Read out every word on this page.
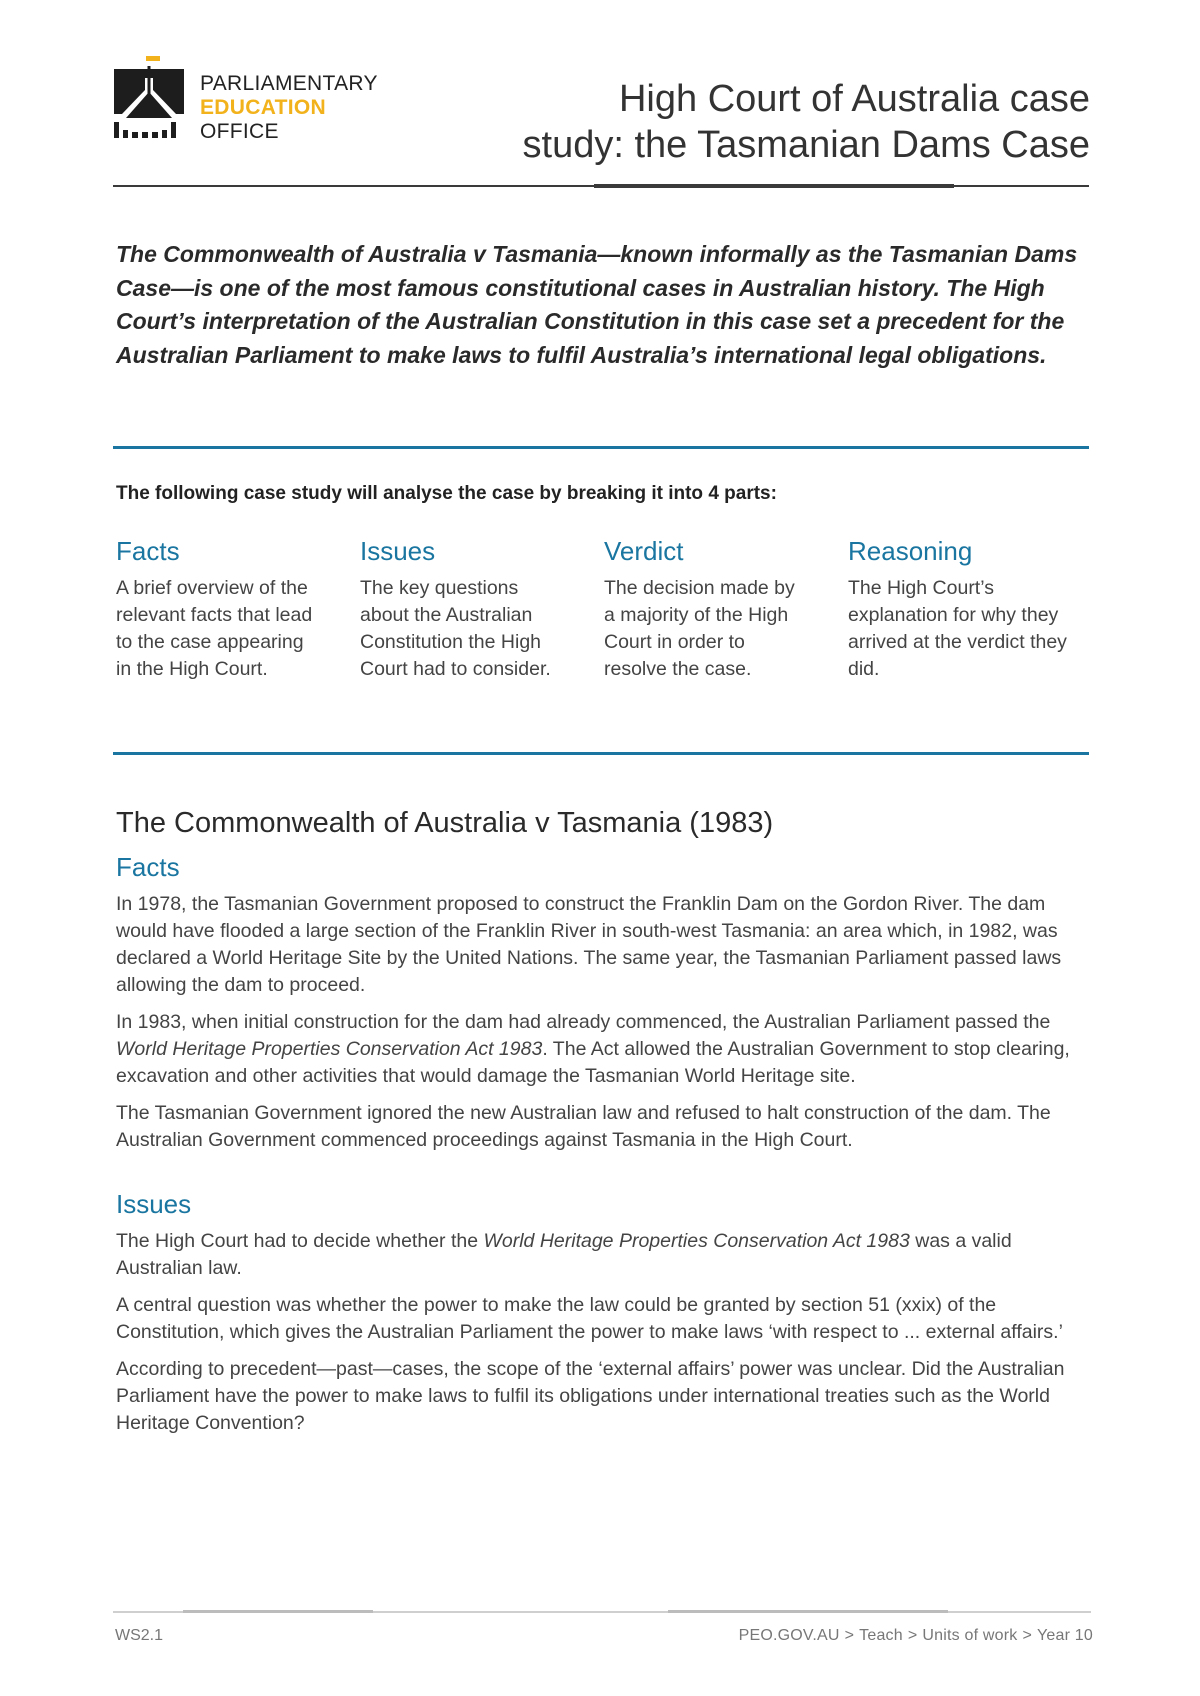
PARLIAMENTARY
EDUCATION
OFFICE
High Court of Australia case
study: the Tasmanian Dams Case

The Commonwealth of Australia v Tasmania—known informally as the Tasmanian Dams Case—is one of the most famous constitutional cases in Australian history. The High Court’s interpretation of the Australian Constitution in this case set a precedent for the Australian Parliament to make laws to fulfil Australia’s international legal obligations.

The following case study will analyse the case by breaking it into 4 parts:

Facts

A brief overview of the relevant facts that lead to the case appearing in the High Court.

Issues

The key questions about the Australian Constitution the High Court had to consider.

Verdict

The decision made by a majority of the High Court in order to resolve the case.

Reasoning

The High Court’s explanation for why they arrived at the verdict they did.

The Commonwealth of Australia v Tasmania (1983)
Facts

In 1978, the Tasmanian Government proposed to construct the Franklin Dam on the Gordon River. The dam would have flooded a large section of the Franklin River in south-west Tasmania: an area which, in 1982, was declared a World Heritage Site by the United Nations. The same year, the Tasmanian Parliament passed laws allowing the dam to proceed.

In 1983, when initial construction for the dam had already commenced, the Australian Parliament passed the World Heritage Properties Conservation Act 1983. The Act allowed the Australian Government to stop clearing, excavation and other activities that would damage the Tasmanian World Heritage site.

The Tasmanian Government ignored the new Australian law and refused to halt construction of the dam. The Australian Government commenced proceedings against Tasmania in the High Court.

Issues

The High Court had to decide whether the World Heritage Properties Conservation Act 1983 was a valid Australian law.

A central question was whether the power to make the law could be granted by section 51 (xxix) of the Constitution, which gives the Australian Parliament the power to make laws ‘with respect to ... external affairs.’

According to precedent—past—cases, the scope of the ‘external affairs’ power was unclear. Did the Australian Parliament have the power to make laws to fulfil its obligations under international treaties such as the World Heritage Convention?

WS2.1	PEO.GOV.AU > Teach > Units of work > Year 10
